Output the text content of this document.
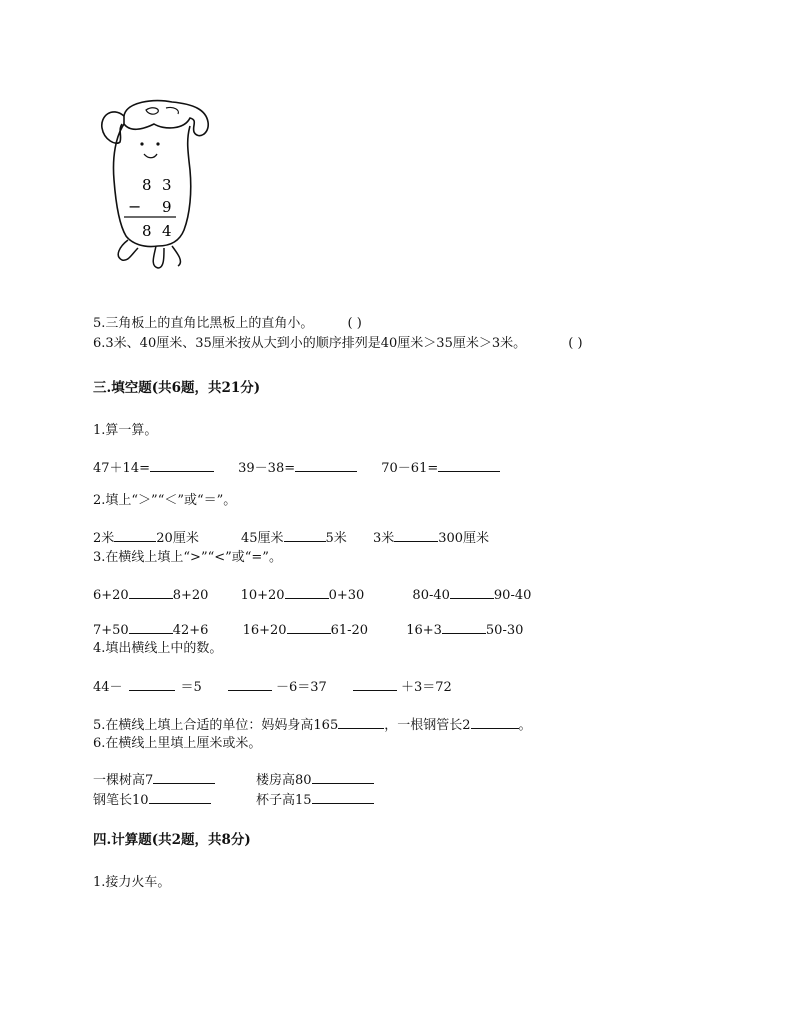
8 3
− 9
8 4
5.三角板上的直角比黑板上的直角小。	( )
6.3米、40厘米、35厘米按从大到小的顺序排列是40厘米＞35厘米＞3米。	( )
三.填空题(共6题，共21分)
1.算一算。
47＋14=	39－38=	70－61=
2.填上“＞”“＜”或“＝”。
2米	20厘米	45厘米	5米 3米	300厘米
3.在横线上填上“>”“<”或“=”。
6+20	8+20 10+20	0+30	80-40	90-40
7+50	42+6	16+20	61-20	16+3	50-30
4.填出横线上中的数。
44－	＝5	－6＝37	＋3＝72
5.在横线上填上合适的单位：妈妈身高165	，一根钢管长2	。
6.在横线上里填上厘米或米。
一棵树高7	楼房高80
钢笔长10	杯子高15
四.计算题(共2题，共8分)
1.接力火车。
